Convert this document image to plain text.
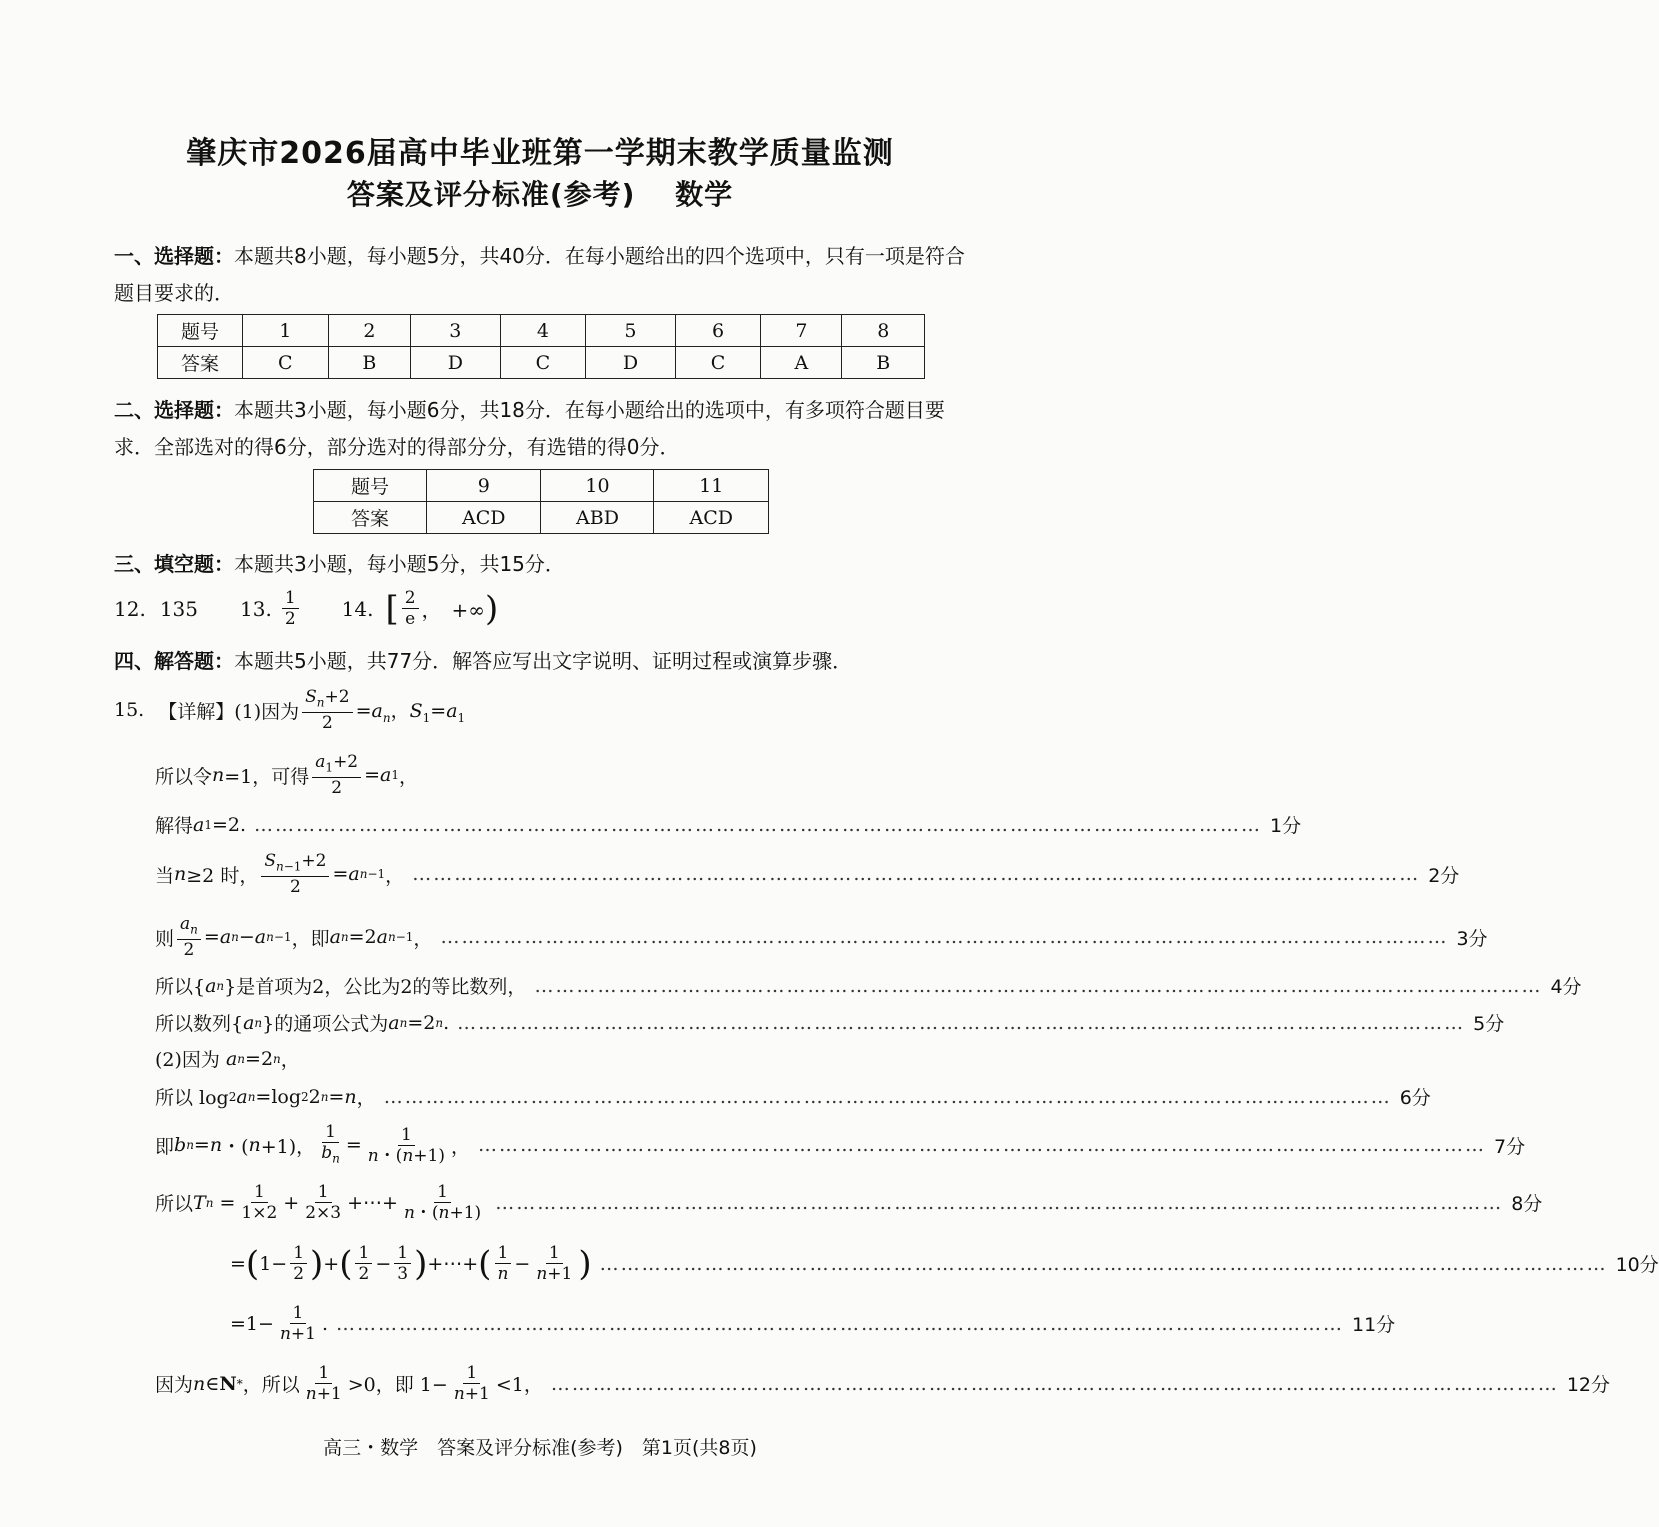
肇庆市2026届高中毕业班第一学期末教学质量监测
答案及评分标准(参考)　 数学
一、选择题：本题共8小题，每小题5分，共40分．在每小题给出的四个选项中，只有一项是符合题目要求的．
题号	1	2	3	4	5	6	7	8
答案	C	B	D	C	D	C	A	B
二、选择题：本题共3小题，每小题6分，共18分．在每小题给出的选项中，有多项符合题目要求．全部选对的得6分，部分选对的得部分分，有选错的得0分．
题号	9	10	11
答案	ACD	ABD	ACD
三、填空题：本题共3小题，每小题5分，共15分．
12. 135 13. $\frac{1}{2} 14$. [ $\frac{2}{e}$ ，　+∞ )
四、解答题：本题共5小题，共77分．解答应写出文字说明、证明过程或演算步骤．
15. 【详解】(1)因为 $\frac{S_n+2}{2} =a_n$，$S_1=a_1$
所以令 n =1，可得 $\frac{a_1+2}{2} = a$ 1 ，
解得 a 1 =2. ……………………………………………………………………………………………………………………………… 1分
当 n ≥2 时， $\frac{S_{n-1}+2}{2} = a$ n−1 ， ……………………………………………………………………………………………………………………………… 2分
则 $\frac{a_n}{2} = a$ n − a n−1 ，即 a n =2 a n−1 ， ……………………………………………………………………………………………………………………………… 3分
所以{ a n }是首项为2，公比为2的等比数列， ……………………………………………………………………………………………………………………………… 4分
所以数列{ a n }的通项公式为 a n =2 n . ……………………………………………………………………………………………………………………………… 5分
(2)因为
a n =2 n ，
所以 log 2 a n =log 2 2 n = n ， ……………………………………………………………………………………………………………………………… 6分
即 b n = n ・( n +1)， $\frac{1}{b_n} = \frac{1}{n・(n+1)}$ ， ……………………………………………………………………………………………………………………………… 7分
所以 T $n = \frac{1}{1\times 2} + \frac{1}{2\times 3}$ +⋯+ $\frac{1}{n・(n+1)}$ ……………………………………………………………………………………………………………………………… 8分
= ( $1- \frac{1}{2}$ ) + ( $\frac{1}{2} - \frac{1}{3}$ ) +⋯+ ( $\frac{1}{n} - \frac{1}{n+1}$ ) ……………………………………………………………………………………………………………………………… 10分
$=1- \frac{1}{n+1}$ . ……………………………………………………………………………………………………………………………… 11分
因为 n ∈ N * ，所以 $\frac{1}{n+1} >0$，即 $1- \frac{1}{n+1} <1$， ……………………………………………………………………………………………………………………………… 12分
高三・数学　答案及评分标准(参考)　第1页(共8页)
